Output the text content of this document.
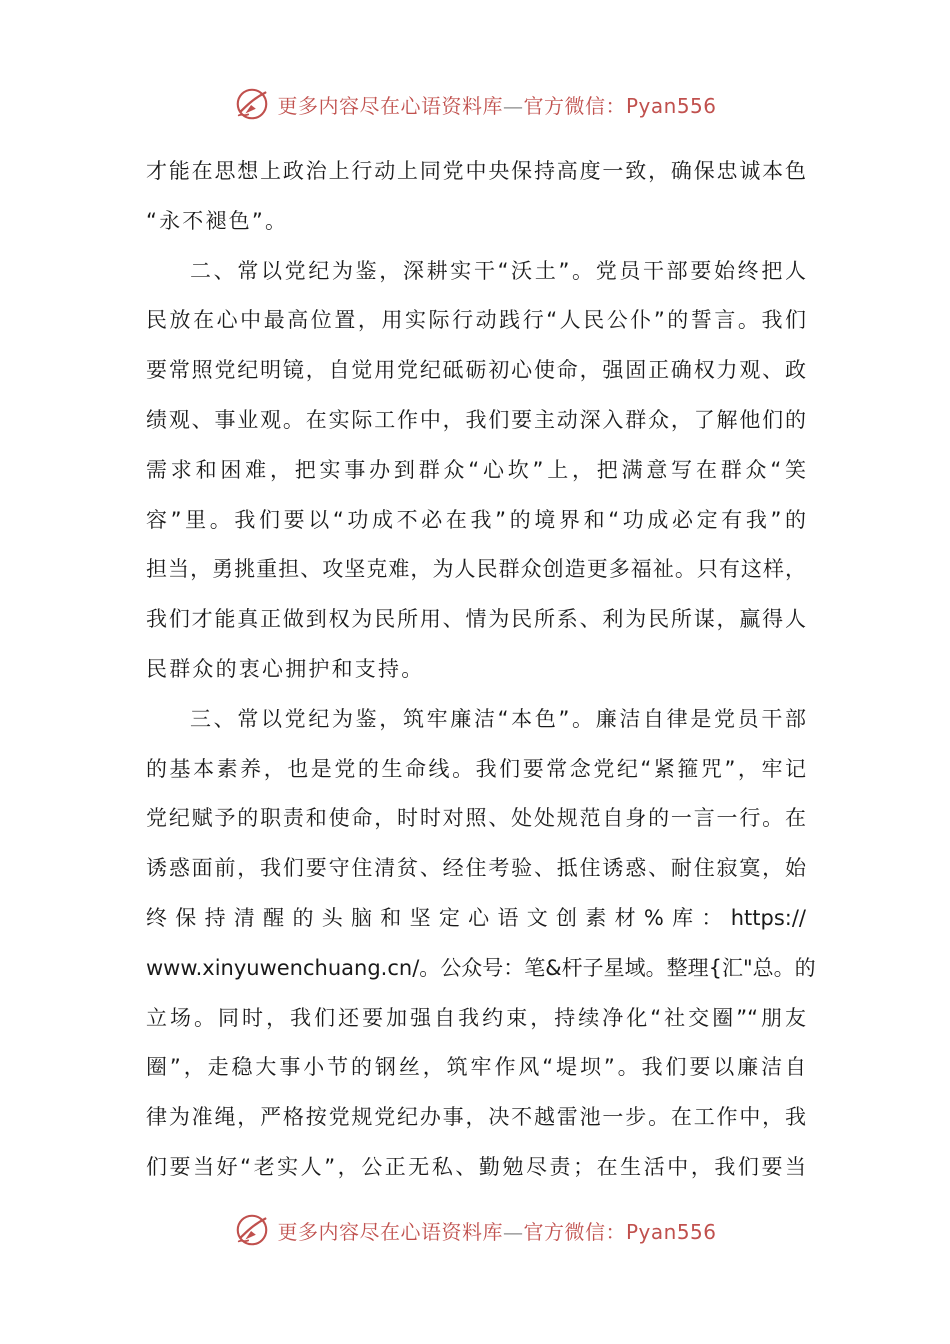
更多内容尽在心语资料库—官方微信：Pyan556
才能在思想上政治上行动上同党中央保持高度一致，确保忠诚本色
“永不褪色”。
二、常以党纪为鉴，深耕实干“沃土”。党员干部要始终把人
民放在心中最高位置，用实际行动践行“人民公仆”的誓言。我们
要常照党纪明镜，自觉用党纪砥砺初心使命，强固正确权力观、政
绩观、事业观。在实际工作中，我们要主动深入群众，了解他们的
需求和困难，把实事办到群众“心坎”上，把满意写在群众“笑
容”里。我们要以“功成不必在我”的境界和“功成必定有我”的
担当，勇挑重担、攻坚克难，为人民群众创造更多福祉。只有这样，
我们才能真正做到权为民所用、情为民所系、利为民所谋，赢得人
民群众的衷心拥护和支持。
三、常以党纪为鉴，筑牢廉洁“本色”。廉洁自律是党员干部
的基本素养，也是党的生命线。我们要常念党纪“紧箍咒”，牢记
党纪赋予的职责和使命，时时对照、处处规范自身的一言一行。在
诱惑面前，我们要守住清贫、经住考验、抵住诱惑、耐住寂寞，始
终保持清醒的头脑和坚定心语文创素材%库：https://
www.xinyuwenchuang.cn/。公众号：笔&杆子星域。整理{汇"总。的
立场。同时，我们还要加强自我约束，持续净化“社交圈”“朋友
圈”，走稳大事小节的钢丝，筑牢作风“堤坝”。我们要以廉洁自
律为准绳，严格按党规党纪办事，决不越雷池一步。在工作中，我
们要当好“老实人”，公正无私、勤勉尽责；在生活中，我们要当
更多内容尽在心语资料库—官方微信：Pyan556
